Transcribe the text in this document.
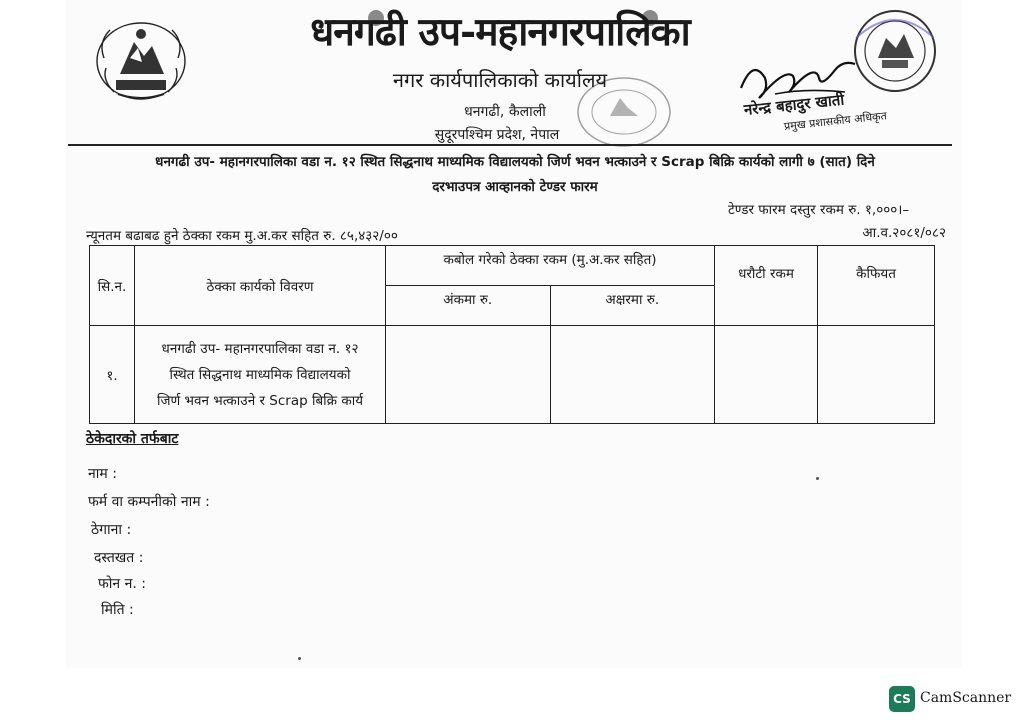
धनगढी उप-महानगरपालिका
नगर कार्यपालिकाको कार्यालय
धनगढी, कैलाली
सुदूरपश्चिम प्रदेश, नेपाल
नरेन्द्र बहादुर खाती
प्रमुख प्रशासकीय अधिकृत
धनगढी उप- महानगरपालिका वडा न. १२ स्थित सिद्धनाथ माध्यमिक विद्यालयको जिर्ण भवन भत्काउने र Scrap बिक्रि कार्यको लागी ७ (सात) दिने
दरभाउपत्र आव्हानको टेण्डर फारम
टेण्डर फारम दस्तुर रकम रु. १,०००।–
न्यूनतम बढाबढ हुने ठेक्का रकम मु.अ.कर सहित रु. ८५,४३२/००	आ.व.२०८१/०८२
सि.न.	ठेक्का कार्यको विवरण	कबोल गरेको ठेक्का रकम (मु.अ.कर सहित)		धरौटी रकम	कैफियत
		अंकमा रु.	अक्षरमा रु.		
१.	धनगढी उप- महानगरपालिका वडा न. १२
स्थित सिद्धनाथ माध्यमिक विद्यालयको
जिर्ण भवन भत्काउने र Scrap बिक्रि कार्य				

ठेकेदारको तर्फबाट
नाम :
फर्म वा कम्पनीको नाम :
ठेगाना :
दस्तखत :
फोन न. :
मिति :
CS CamScanner
